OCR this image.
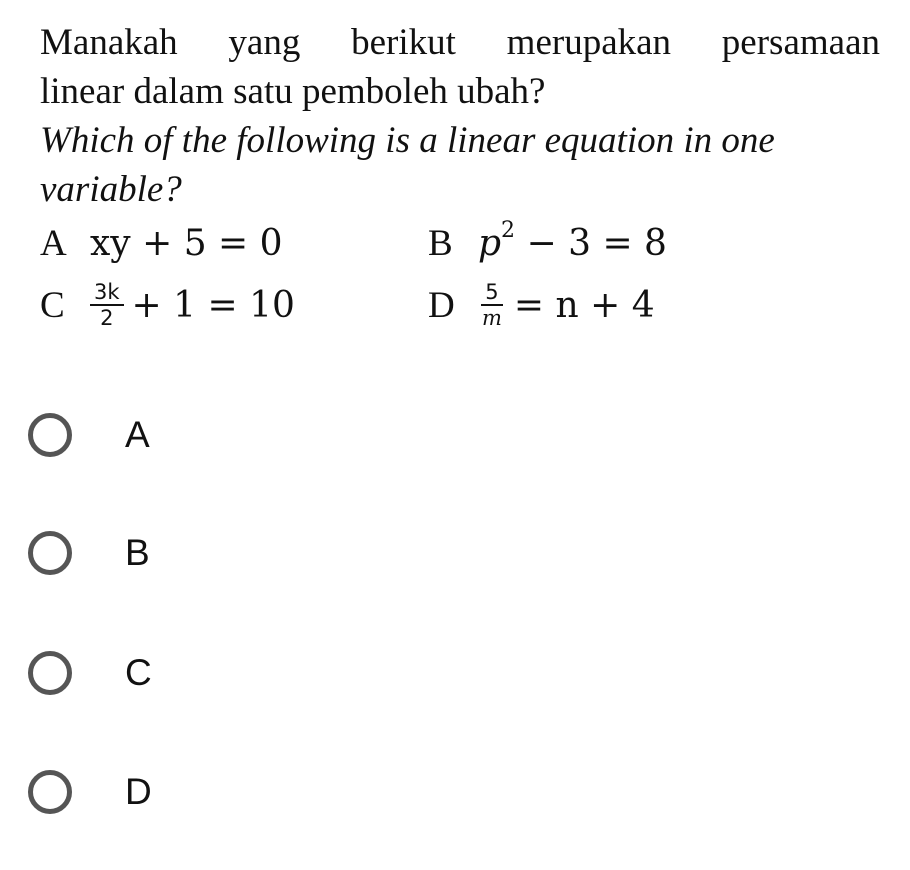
Manakah yang berikut merupakan persamaan
linear dalam satu pemboleh ubah?
Which of the following is a linear equation in one
variable?
A xy + 5 = 0	B $p^2 - 3 = 8$
C	$\frac{3k}{2} + 1 = 10$	D	$\frac{5}{m} = n + 4$
A
B
C
D
